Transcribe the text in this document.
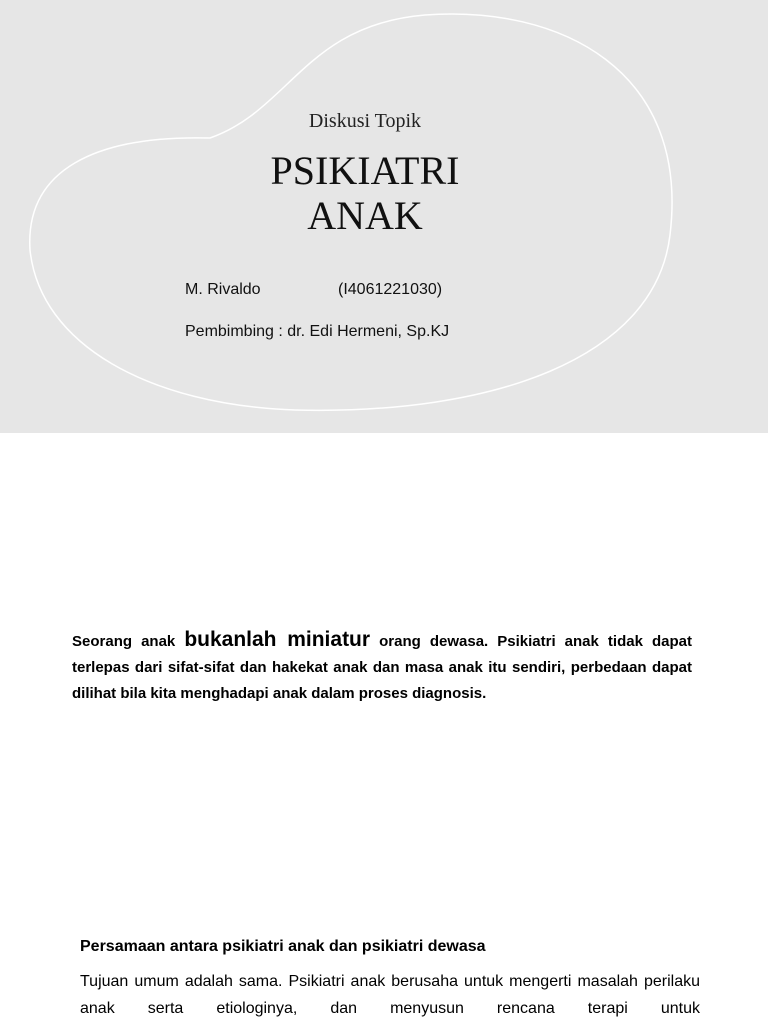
Diskusi Topik
PSIKIATRI
ANAK
M. Rivaldo	(I4061221030)
Pembimbing : dr. Edi Hermeni, Sp.KJ

Seorang anak bukanlah miniatur orang dewasa. Psikiatri anak tidak dapat terlepas dari sifat-sifat dan hakekat anak dan masa anak itu sendiri, perbedaan dapat dilihat bila kita menghadapi anak dalam proses diagnosis.

Persamaan antara psikiatri anak dan psikiatri dewasa

Tujuan umum adalah sama. Psikiatri anak berusaha untuk mengerti masalah perilaku anak serta etiologinya, dan menyusun rencana terapi untuk
